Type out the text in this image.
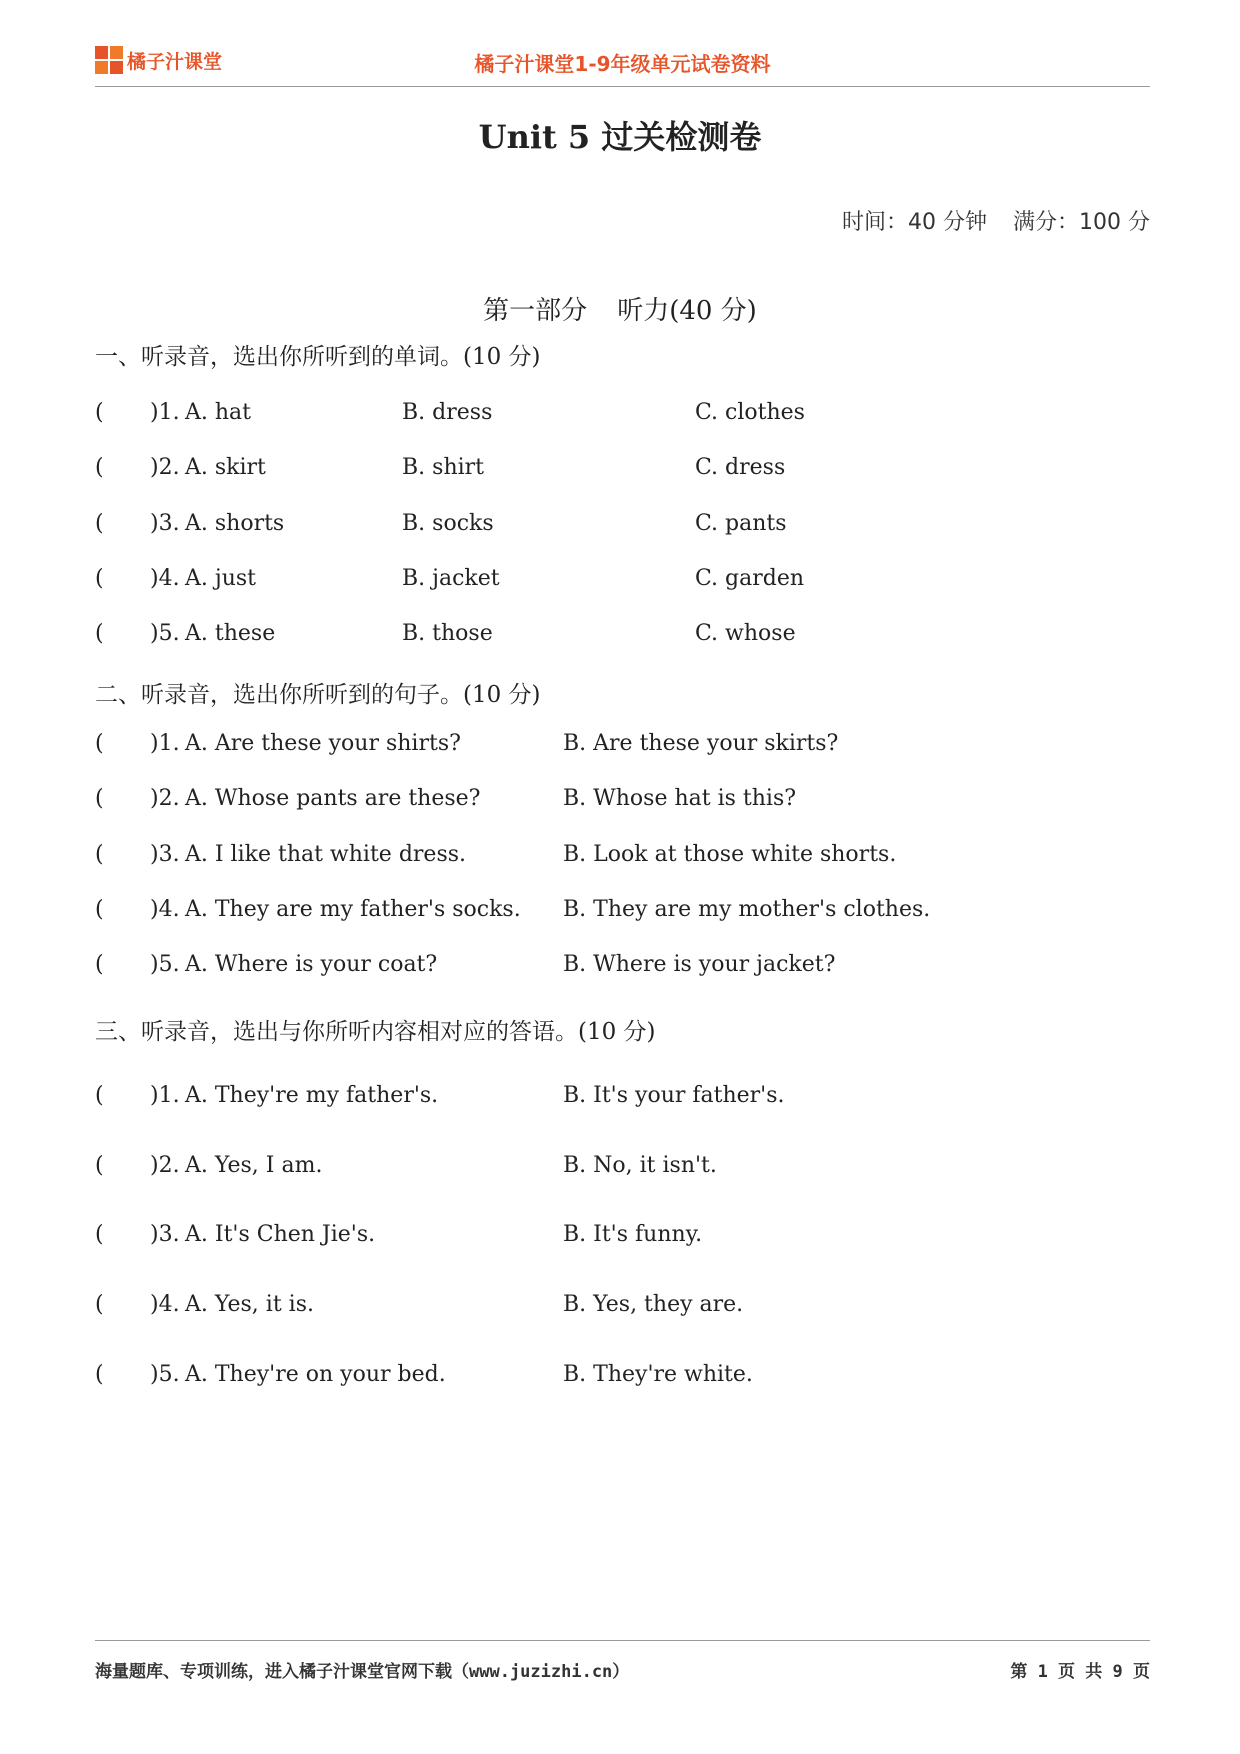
橘子汁课堂	橘子汁课堂1-9年级单元试卷资料
Unit 5 过关检测卷
时间：40 分钟 满分：100 分
第一部分 听力(40 分)
一、听录音，选出你所听到的单词。(10 分)
( )1. A. hat	B. dress	C. clothes
( )2. A. skirt	B. shirt	C. dress
( )3. A. shorts	B. socks	C. pants
( )4. A. just	B. jacket	C. garden
( )5. A. these	B. those	C. whose
二、听录音，选出你所听到的句子。(10 分)
( )1. A. Are these your shirts?	B. Are these your skirts?
( )2. A. Whose pants are these?	B. Whose hat is this?
( )3. A. I like that white dress.	B. Look at those white shorts.
( )4. A. They are my father's socks. B. They are my mother's clothes.
( )5. A. Where is your coat?	B. Where is your jacket?
三、听录音，选出与你所听内容相对应的答语。(10 分)
( )1. A. They're my father's.	B. It's your father's.
( )2. A. Yes, I am.	B. No, it isn't.
( )3. A. It's Chen Jie's.	B. It's funny.
( )4. A. Yes, it is.	B. Yes, they are.
( )5. A. They're on your bed.	B. They're white.
海量题库、专项训练，进入橘子汁课堂官网下载（www.juzizhi.cn）	第 1 页 共 9 页
